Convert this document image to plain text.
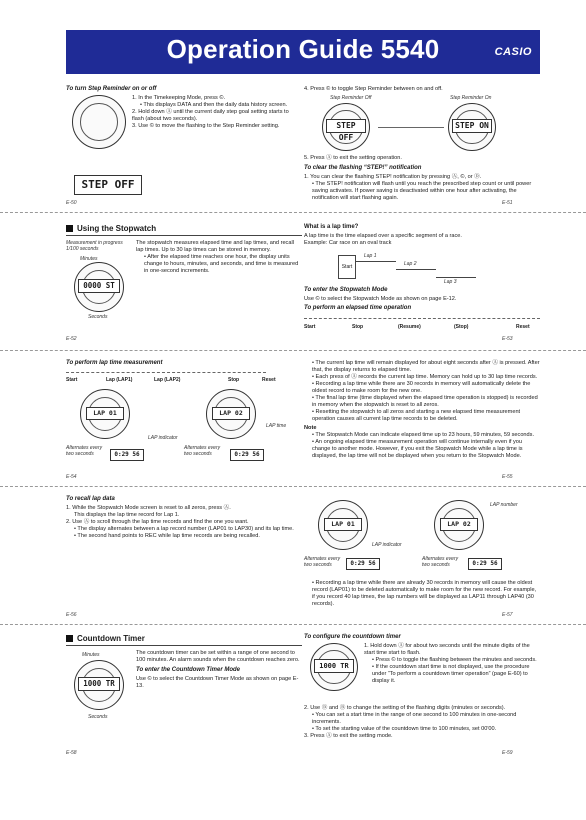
Operation Guide 5540	CASIO
To turn Step Reminder on or off
1. In the Timekeeping Mode, press ©.
• This displays DATA and then the daily data history screen.
2. Hold down Ⓐ until the current daily step goal setting starts to flash (about two seconds).
3. Use © to move the flashing to the Step Reminder setting.
STEP OFF
E-50
4. Press © to toggle Step Reminder between on and off.
Step Reminder Off	Step Reminder On
STEP OFF
STEP ON
5. Press Ⓐ to exit the setting operation.
To clear the flashing “STEP!” notification
1. You can clear the flashing STEP! notification by pressing Ⓐ, ©, or Ⓓ.
• The STEP! notification will flash until you reach the prescribed step count or until power saving activates. If power saving is deactivated within one hour after activating, the notification will start flashing again.
E-51
Using the Stopwatch
Measurement in progress 1/100 seconds
Minutes
0000 ST
Seconds
The stopwatch measures elapsed time and lap times, and recall lap times. Up to 30 lap times can be stored in memory.
• After the elapsed time reaches one hour, the display units change to hours, minutes, and seconds, and time is measured in one-second increments.
E-52
What is a lap time?
A lap time is the time elapsed over a specific segment of a race.
Example: Car race on an oval track
Start
Lap 1
Lap 2
Lap 3
To enter the Stopwatch Mode
Use © to select the Stopwatch Mode as shown on page E-12.
To perform an elapsed time operation
Start	Stop	(Resume)	(Stop)	Reset
E-53
To perform lap time measurement
Start	Lap (LAP1)	Lap (LAP2)	Stop	Reset
LAP 01
Alternates every two seconds	0:29 56
LAP indicator
LAP 02
LAP time
Alternates every two seconds	0:29 56
E-54
• The current lap time will remain displayed for about eight seconds after Ⓐ is pressed. After that, the display returns to elapsed time.
• Each press of Ⓐ records the current lap time. Memory can hold up to 30 lap time records.
• Recording a lap time while there are 30 records in memory will automatically delete the oldest record to make room for the new one.
• The final lap time (time displayed when the elapsed time operation is stopped) is recorded in memory when the stopwatch is reset to all zeros.
• Resetting the stopwatch to all zeros and starting a new elapsed time measurement operation causes all current lap time records to be deleted.
Note
• The Stopwatch Mode can indicate elapsed time up to 23 hours, 59 minutes, 59 seconds.
• An ongoing elapsed time measurement operation will continue internally even if you change to another mode. However, if you exit the Stopwatch Mode while a lap time is displayed, the lap time will not be displayed when you return to the Stopwatch Mode.
E-55
To recall lap data
1. While the Stopwatch Mode screen is reset to all zeros, press Ⓐ.
This displays the lap time record for Lap 1.
2. Use Ⓐ to scroll through the lap time records and find the one you want.
• The display alternates between a lap record number (LAP01 to LAP30) and its lap time.
• The second hand points to REC while lap time records are being recalled.
E-56
LAP 01
LAP indicator
Alternates every two seconds	0:29 56
LAP 02
LAP number
Alternates every two seconds	0:29 56
• Recording a lap time while there are already 30 records in memory will cause the oldest record (LAP01) to be deleted automatically to make room for the new record. For example, if you record 40 lap times, the lap numbers will be displayed as LAP11 through LAP40 (30 records).
E-57
Countdown Timer
Minutes
1000 TR
Seconds
The countdown timer can be set within a range of one second to 100 minutes. An alarm sounds when the countdown reaches zero.
To enter the Countdown Timer Mode
Use © to select the Countdown Timer Mode as shown on page E-13.
E-58
To configure the countdown timer
1000 TR
1. Hold down Ⓐ for about two seconds until the minute digits of the start time start to flash.
• Press © to toggle the flashing between the minutes and seconds.
• If the countdown start time is not displayed, use the procedure under “To perform a countdown timer operation” (page E-60) to display it.
2. Use Ⓓ and Ⓑ to change the setting of the flashing digits (minutes or seconds).
• You can set a start time in the range of one second to 100 minutes in one-second increments.
• To set the starting value of the countdown time to 100 minutes, set 00'00.
3. Press Ⓐ to exit the setting mode.
E-59
